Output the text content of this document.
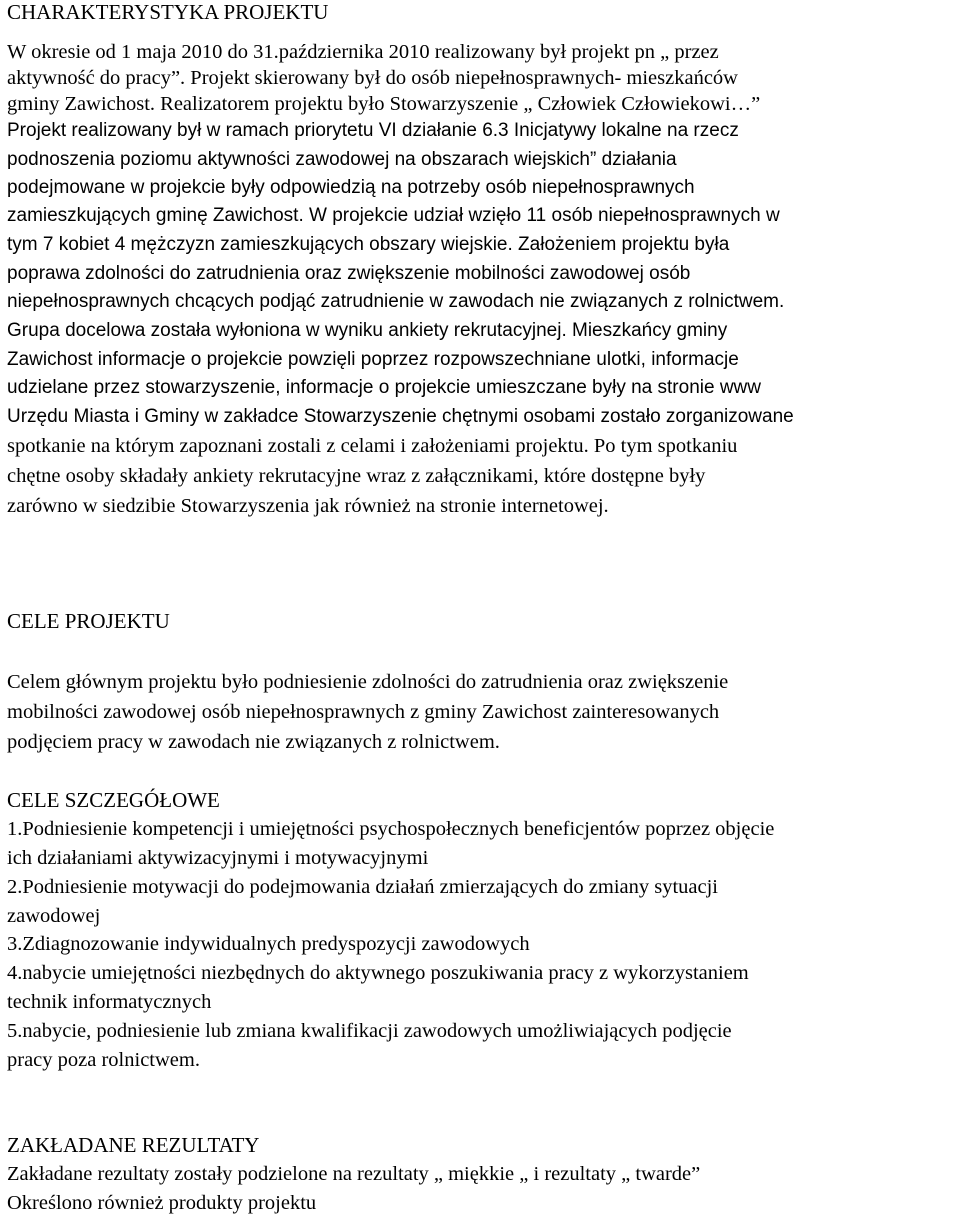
CHARAKTERYSTYKA PROJEKTU
W okresie od 1 maja 2010 do 31.października 2010 realizowany był projekt pn „ przez
aktywność do pracy”. Projekt skierowany był do osób niepełnosprawnych- mieszkańców
gminy Zawichost. Realizatorem projektu było Stowarzyszenie „ Człowiek Człowiekowi…”
Projekt realizowany był w ramach priorytetu VI działanie 6.3 Inicjatywy lokalne na rzecz
podnoszenia poziomu aktywności zawodowej na obszarach wiejskich” działania
podejmowane w projekcie były odpowiedzią na potrzeby osób niepełnosprawnych
zamieszkujących gminę Zawichost. W projekcie udział wzięło 11 osób niepełnosprawnych w
tym 7 kobiet 4 mężczyzn zamieszkujących obszary wiejskie. Założeniem projektu była
poprawa zdolności do zatrudnienia oraz zwiększenie mobilności zawodowej osób
niepełnosprawnych chcących podjąć zatrudnienie w zawodach nie związanych z rolnictwem.
Grupa docelowa została wyłoniona w wyniku ankiety rekrutacyjnej. Mieszkańcy gminy
Zawichost informacje o projekcie powzięli poprzez rozpowszechniane ulotki, informacje
udzielane przez stowarzyszenie, informacje o projekcie umieszczane były na stronie www
Urzędu Miasta i Gminy w zakładce Stowarzyszenie chętnymi osobami zostało zorganizowane
spotkanie na którym zapoznani zostali z celami i założeniami projektu. Po tym spotkaniu
chętne osoby składały ankiety rekrutacyjne wraz z załącznikami, które dostępne były
zarówno w siedzibie Stowarzyszenia jak również na stronie internetowej.
CELE PROJEKTU
Celem głównym projektu było podniesienie zdolności do zatrudnienia oraz zwiększenie
mobilności zawodowej osób niepełnosprawnych z gminy Zawichost zainteresowanych
podjęciem pracy w zawodach nie związanych z rolnictwem.
CELE SZCZEGÓŁOWE
1.Podniesienie kompetencji i umiejętności psychospołecznych beneficjentów poprzez objęcie
ich działaniami aktywizacyjnymi i motywacyjnymi
2.Podniesienie motywacji do podejmowania działań zmierzających do zmiany sytuacji
zawodowej
3.Zdiagnozowanie indywidualnych predyspozycji zawodowych
4.nabycie umiejętności niezbędnych do aktywnego poszukiwania pracy z wykorzystaniem
technik informatycznych
5.nabycie, podniesienie lub zmiana kwalifikacji zawodowych umożliwiających podjęcie
pracy poza rolnictwem.
ZAKŁADANE REZULTATY
Zakładane rezultaty zostały podzielone na rezultaty „ miękkie „ i rezultaty „ twarde”
Określono również produkty projektu
